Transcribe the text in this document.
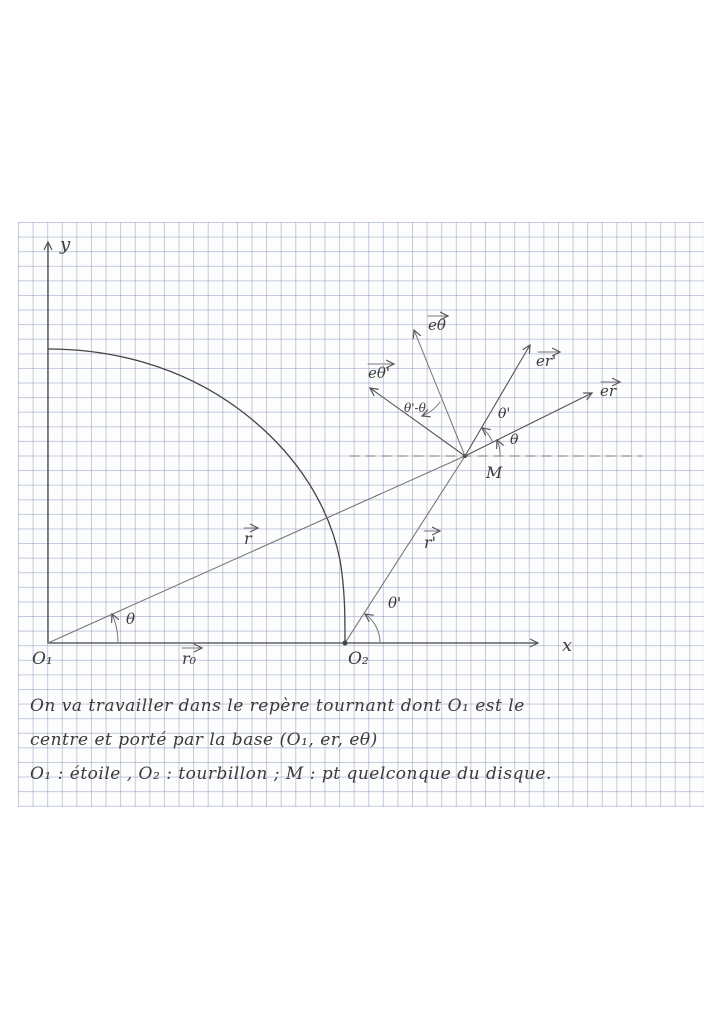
y
x
θ
θ'
O₁	O₂
M
r
r₀
r'
er
er'
eθ
eθ'
θ
θ'
θ'-θ
On va travailler dans le repère tournant dont O₁ est le
centre et porté par la base (O₁, er, eθ)
O₁ : étoile , O₂ : tourbillon ; M : pt quelconque du disque.
